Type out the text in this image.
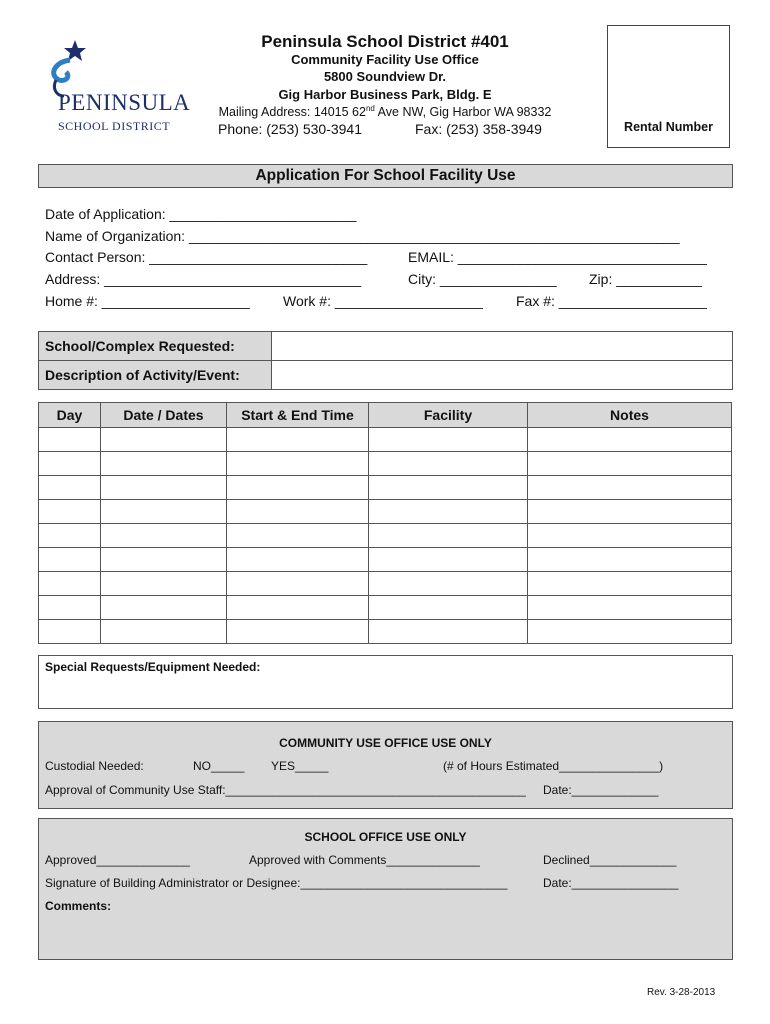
PENINSULA
SCHOOL DISTRICT
Peninsula School District #401
Community Facility Use Office
5800 Soundview Dr.
Gig Harbor Business Park, Bldg. E
Mailing Address: 14015 62nd Ave NW, Gig Harbor WA 98332
Phone: (253) 530-3941	Fax: (253) 358-3949	Rental Number
Application For School Facility Use
Date of Application: ________________________
Name of Organization: _______________________________________________________________
Contact Person: ____________________________	EMAIL: ________________________________
Address: _________________________________	City: _______________ Zip: ___________
Home #: ___________________ Work #: ___________________ Fax #: ___________________
School/Complex Requested:
Description of Activity/Event:
Day	Date / Dates	Start & End Time	Facility	Notes

Special Requests/Equipment Needed:
COMMUNITY USE OFFICE USE ONLY
Custodial Needed:	NO_____ YES_____	(# of Hours Estimated_______________)
Approval of Community Use Staff:_____________________________________________ Date:_____________
SCHOOL OFFICE USE ONLY
Approved______________	Approved with Comments______________	Declined_____________
Signature of Building Administrator or Designee:_______________________________	Date:________________
Comments:
Rev. 3-28-2013
